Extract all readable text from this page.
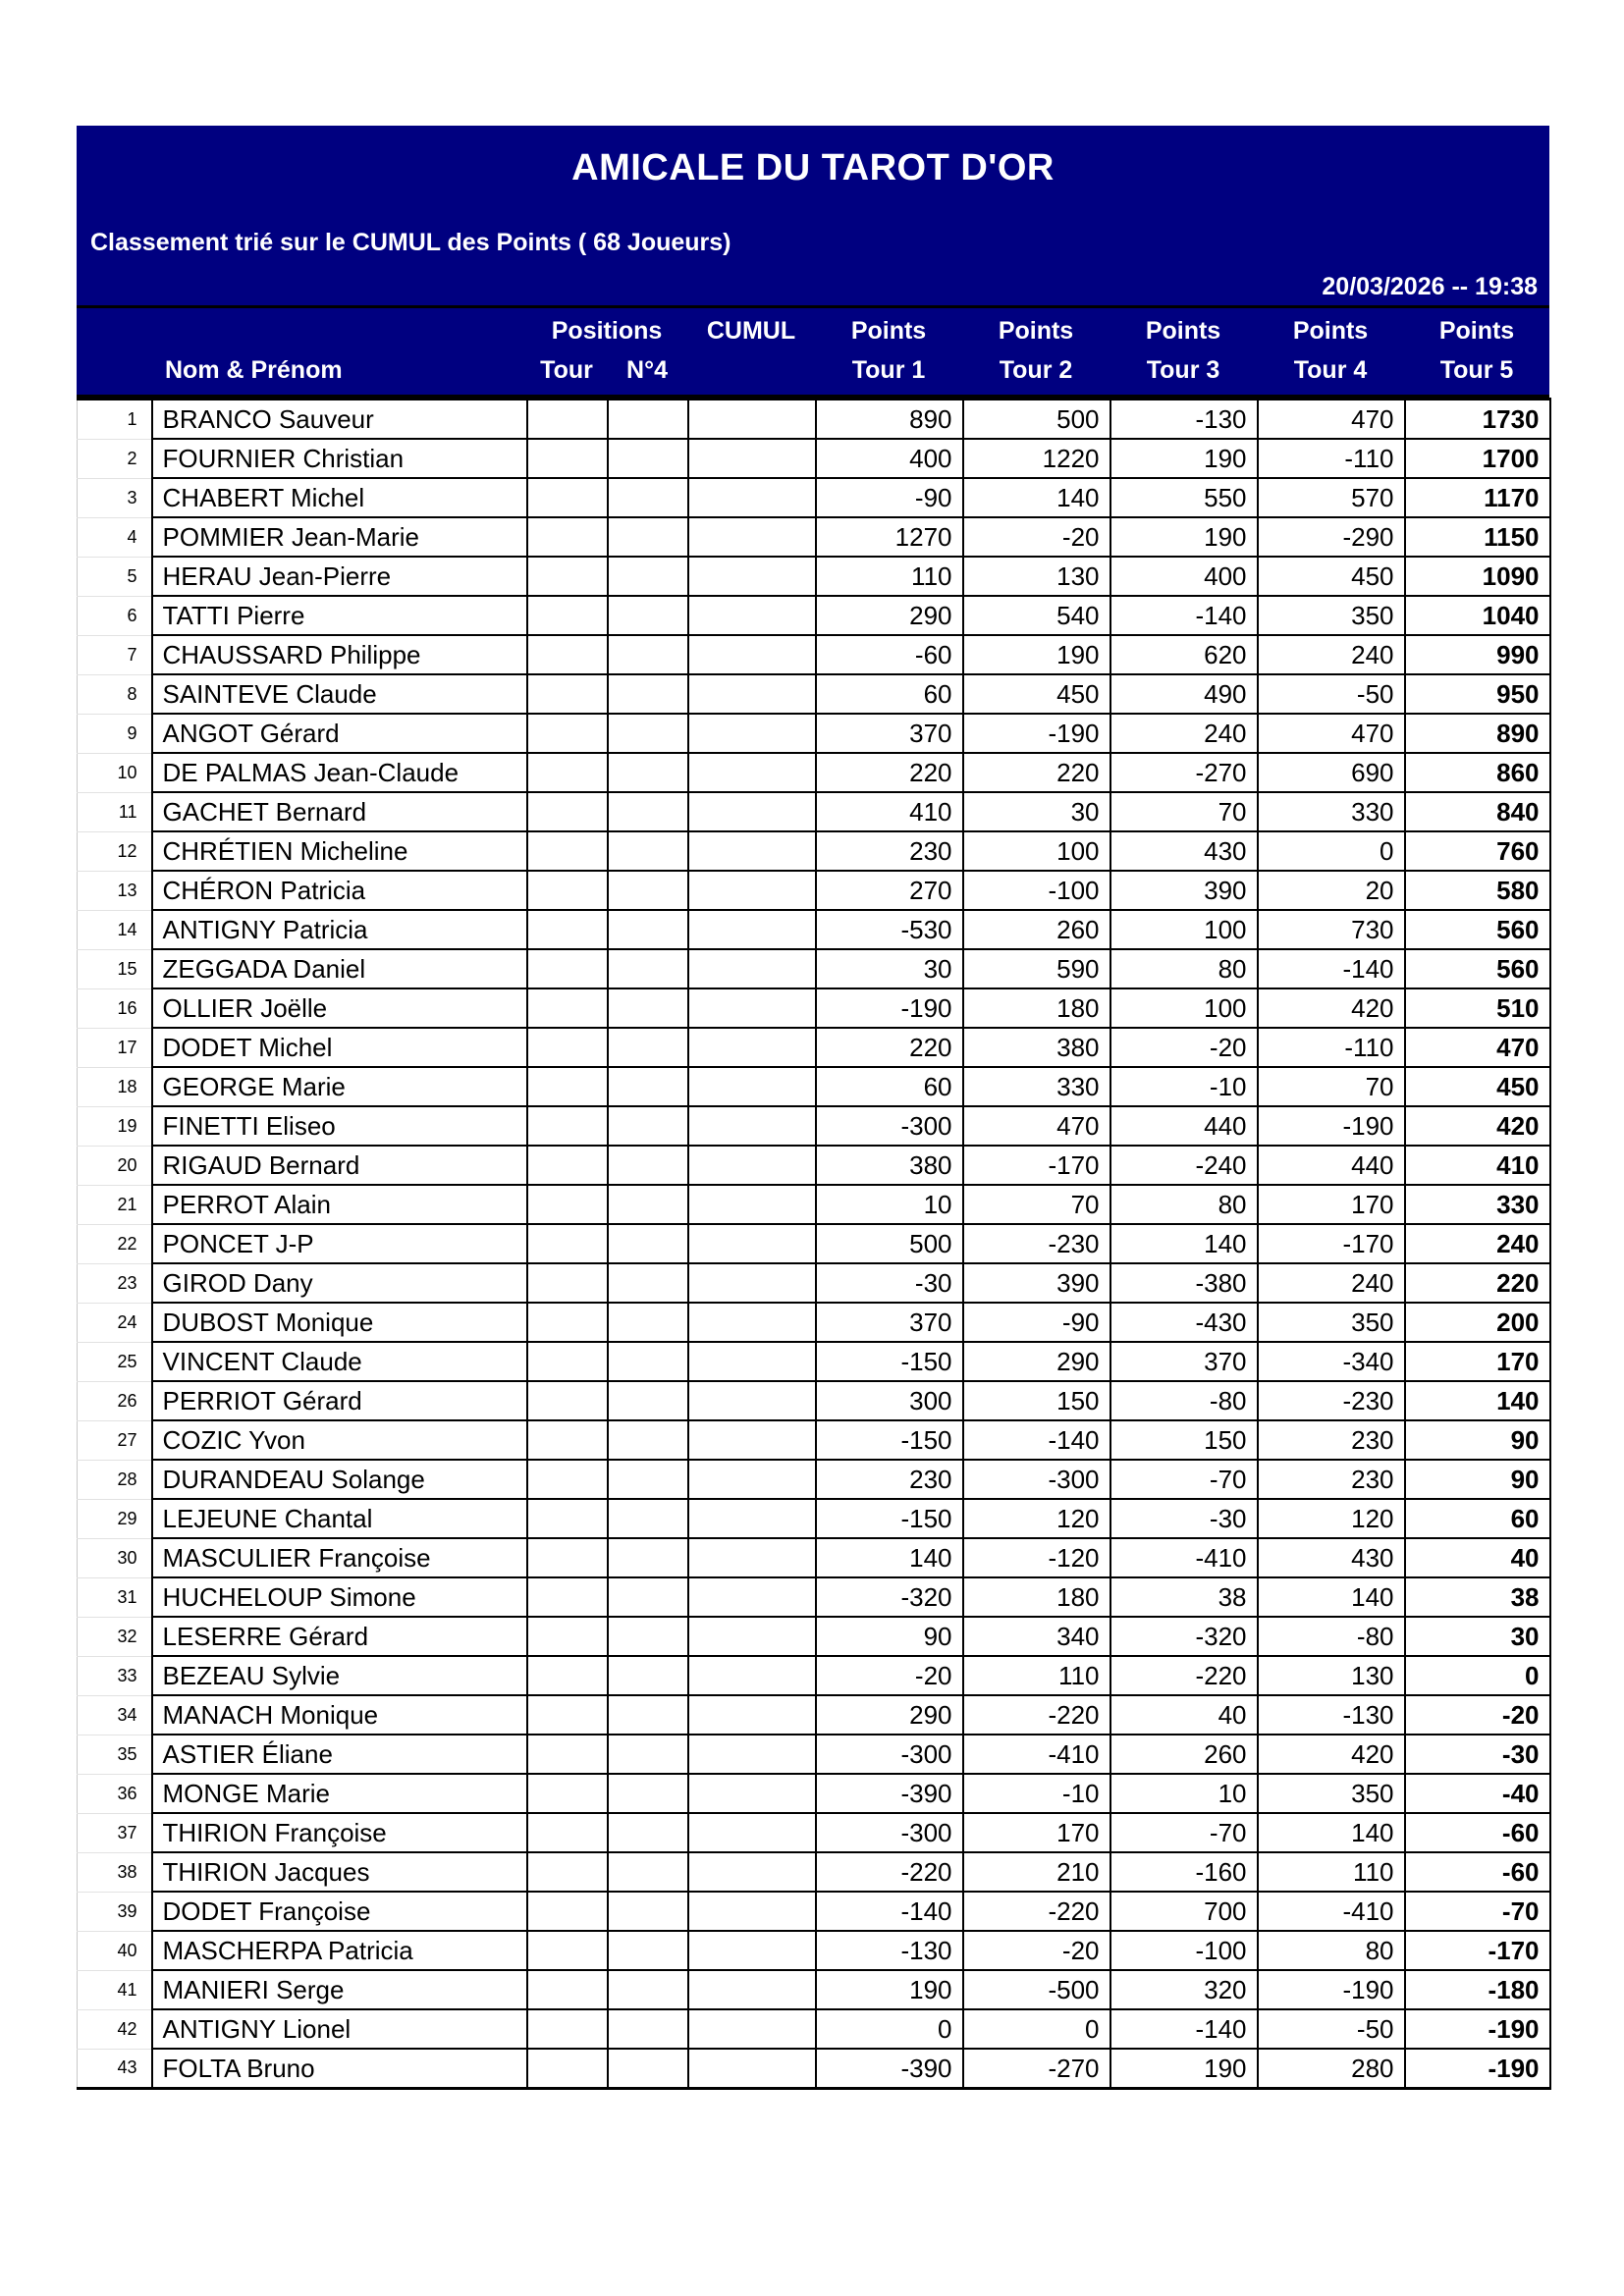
AMICALE DU TAROT D'OR
Classement trié sur le CUMUL des Points ( 68 Joueurs)
20/03/2026 -- 19:38
		Positions		CUMUL	Points	Points	Points	Points	Points
	Nom & Prénom	Tour	N°4		Tour 1	Tour 2	Tour 3	Tour 4	Tour 5
1	BRANCO Sauveur				890	500	-130	470	1730
2	FOURNIER Christian				400	1220	190	-110	1700
3	CHABERT Michel				-90	140	550	570	1170
4	POMMIER Jean-Marie				1270	-20	190	-290	1150
5	HERAU Jean-Pierre				110	130	400	450	1090
6	TATTI Pierre				290	540	-140	350	1040
7	CHAUSSARD Philippe				-60	190	620	240	990
8	SAINTEVE Claude				60	450	490	-50	950
9	ANGOT Gérard				370	-190	240	470	890
10	DE PALMAS Jean-Claude				220	220	-270	690	860
11	GACHET Bernard				410	30	70	330	840
12	CHRÉTIEN Micheline				230	100	430	0	760
13	CHÉRON Patricia				270	-100	390	20	580
14	ANTIGNY Patricia				-530	260	100	730	560
15	ZEGGADA Daniel				30	590	80	-140	560
16	OLLIER Joëlle				-190	180	100	420	510
17	DODET Michel				220	380	-20	-110	470
18	GEORGE Marie				60	330	-10	70	450
19	FINETTI Eliseo				-300	470	440	-190	420
20	RIGAUD Bernard				380	-170	-240	440	410
21	PERROT Alain				10	70	80	170	330
22	PONCET J-P				500	-230	140	-170	240
23	GIROD Dany				-30	390	-380	240	220
24	DUBOST Monique				370	-90	-430	350	200
25	VINCENT Claude				-150	290	370	-340	170
26	PERRIOT Gérard				300	150	-80	-230	140
27	COZIC Yvon				-150	-140	150	230	90
28	DURANDEAU Solange				230	-300	-70	230	90
29	LEJEUNE Chantal				-150	120	-30	120	60
30	MASCULIER Françoise				140	-120	-410	430	40
31	HUCHELOUP Simone				-320	180	38	140	38
32	LESERRE Gérard				90	340	-320	-80	30
33	BEZEAU Sylvie				-20	110	-220	130	0
34	MANACH Monique				290	-220	40	-130	-20
35	ASTIER Éliane				-300	-410	260	420	-30
36	MONGE Marie				-390	-10	10	350	-40
37	THIRION Françoise				-300	170	-70	140	-60
38	THIRION Jacques				-220	210	-160	110	-60
39	DODET Françoise				-140	-220	700	-410	-70
40	MASCHERPA Patricia				-130	-20	-100	80	-170
41	MANIERI Serge				190	-500	320	-190	-180
42	ANTIGNY Lionel				0	0	-140	-50	-190
43	FOLTA Bruno				-390	-270	190	280	-190
